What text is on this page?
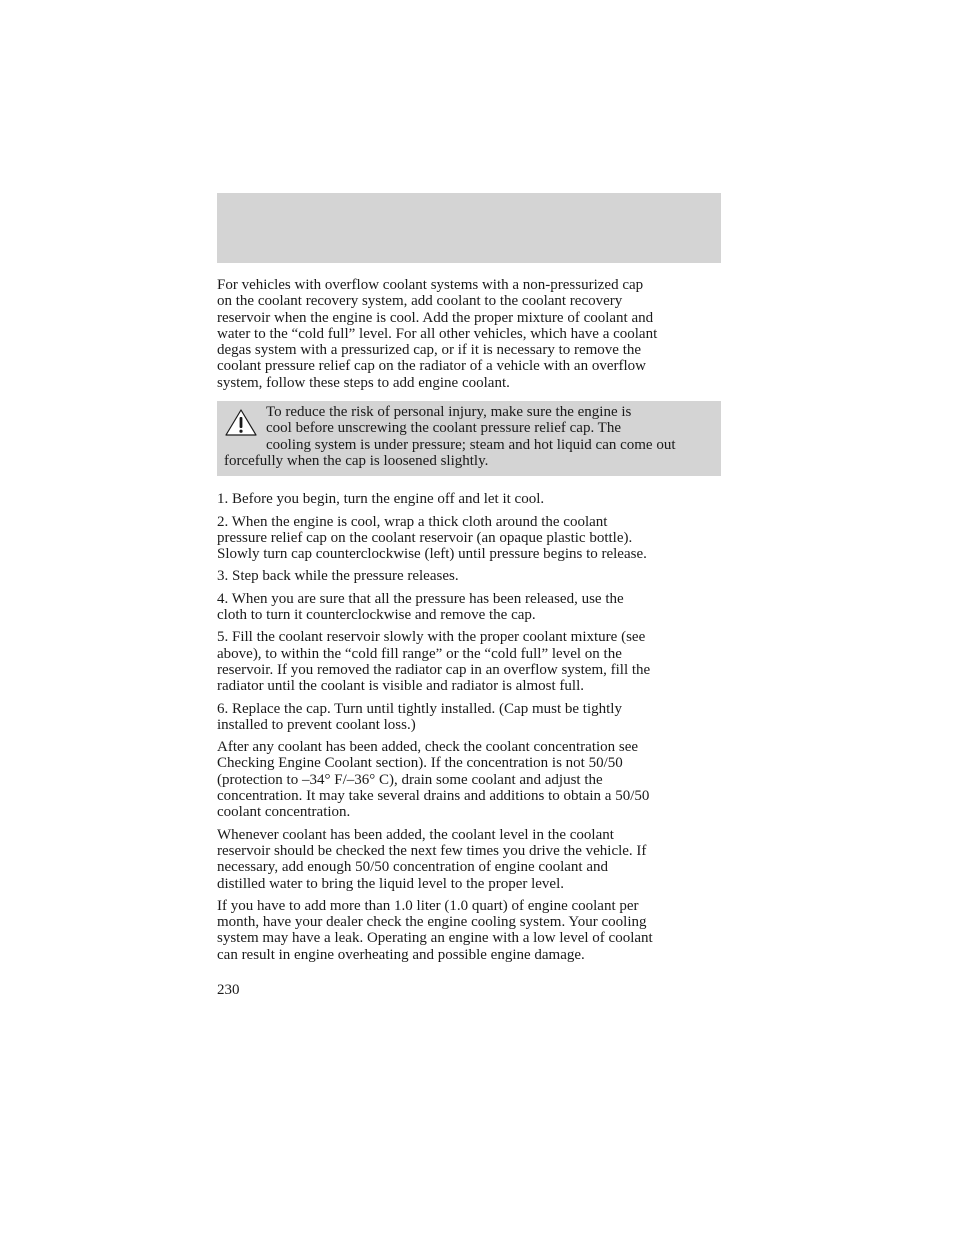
For vehicles with overflow coolant systems with a non-pressurized cap
on the coolant recovery system, add coolant to the coolant recovery
reservoir when the engine is cool. Add the proper mixture of coolant and
water to the “cold full” level. For all other vehicles, which have a coolant
degas system with a pressurized cap, or if it is necessary to remove the
coolant pressure relief cap on the radiator of a vehicle with an overflow
system, follow these steps to add engine coolant.

To reduce the risk of personal injury, make sure the engine is
cool before unscrewing the coolant pressure relief cap. The
cooling system is under pressure; steam and hot liquid can come out
forcefully when the cap is loosened slightly.

1. Before you begin, turn the engine off and let it cool.

2. When the engine is cool, wrap a thick cloth around the coolant
pressure relief cap on the coolant reservoir (an opaque plastic bottle).
Slowly turn cap counterclockwise (left) until pressure begins to release.

3. Step back while the pressure releases.

4. When you are sure that all the pressure has been released, use the
cloth to turn it counterclockwise and remove the cap.

5. Fill the coolant reservoir slowly with the proper coolant mixture (see
above), to within the “cold fill range” or the “cold full” level on the
reservoir. If you removed the radiator cap in an overflow system, fill the
radiator until the coolant is visible and radiator is almost full.

6. Replace the cap. Turn until tightly installed. (Cap must be tightly
installed to prevent coolant loss.)

After any coolant has been added, check the coolant concentration see
Checking Engine Coolant section). If the concentration is not 50/50
(protection to –34° F/–36° C), drain some coolant and adjust the
concentration. It may take several drains and additions to obtain a 50/50
coolant concentration.

Whenever coolant has been added, the coolant level in the coolant
reservoir should be checked the next few times you drive the vehicle. If
necessary, add enough 50/50 concentration of engine coolant and
distilled water to bring the liquid level to the proper level.

If you have to add more than 1.0 liter (1.0 quart) of engine coolant per
month, have your dealer check the engine cooling system. Your cooling
system may have a leak. Operating an engine with a low level of coolant
can result in engine overheating and possible engine damage.

230
